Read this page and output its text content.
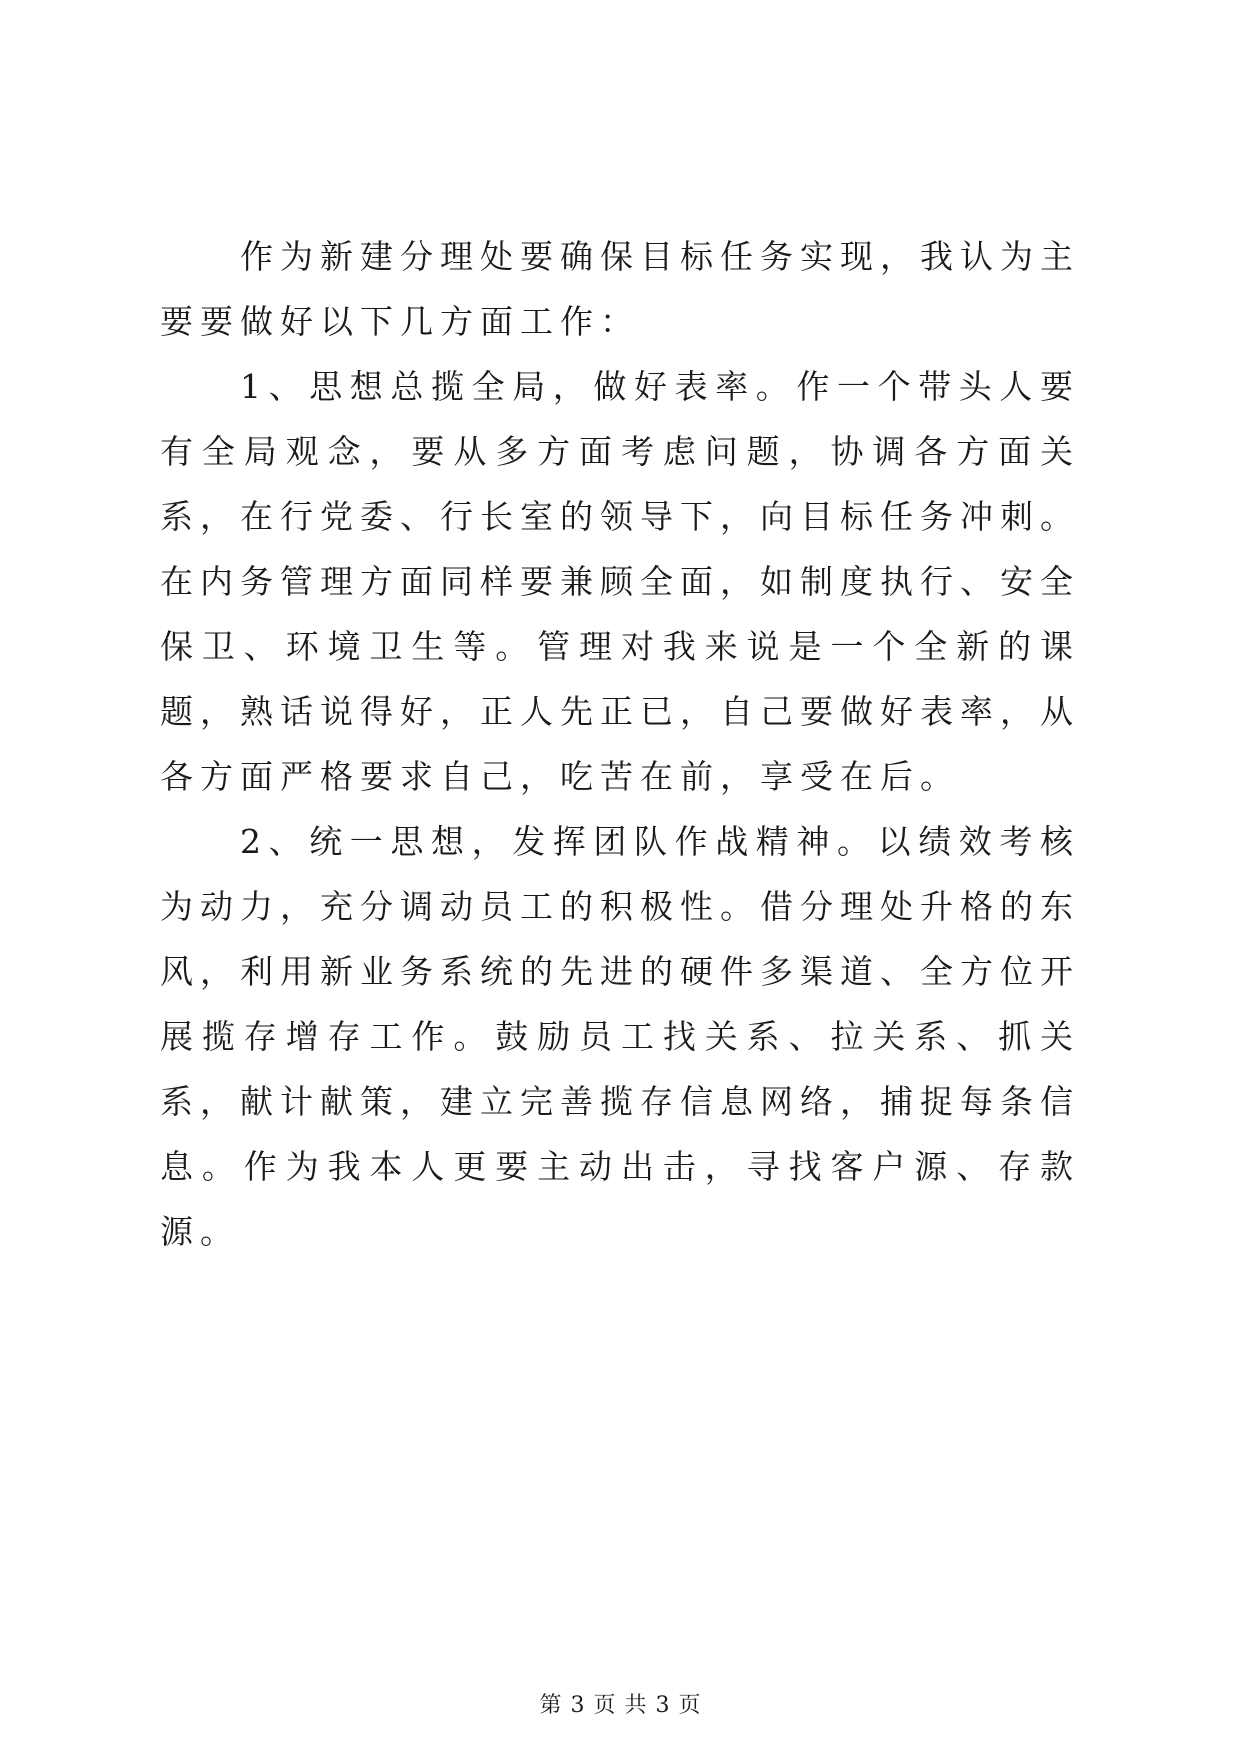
作为新建分理处要确保目标任务实现，我认为主要要做好以下几方面工作：

1、思想总揽全局，做好表率。作一个带头人要有全局观念，要从多方面考虑问题，协调各方面关系，在行党委、行长室的领导下，向目标任务冲刺。在内务管理方面同样要兼顾全面，如制度执行、安全保卫、环境卫生等。管理对我来说是一个全新的课题，熟话说得好，正人先正已，自己要做好表率，从各方面严格要求自己，吃苦在前，享受在后。

2、统一思想，发挥团队作战精神。以绩效考核为动力，充分调动员工的积极性。借分理处升格的东风，利用新业务系统的先进的硬件多渠道、全方位开展揽存增存工作。鼓励员工找关系、拉关系、抓关系，献计献策，建立完善揽存信息网络，捕捉每条信息。作为我本人更要主动出击，寻找客户源、存款源。

第 3 页 共 3 页
